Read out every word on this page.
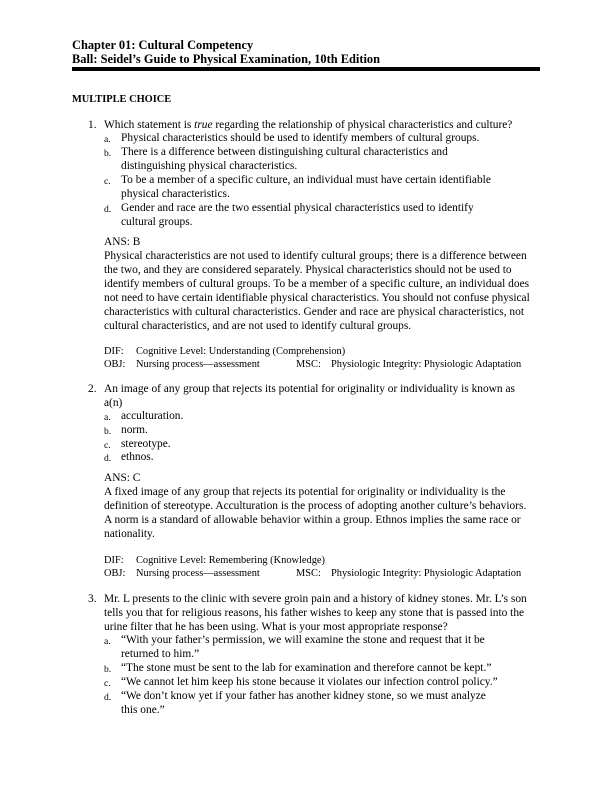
Chapter 01: Cultural Competency
Ball: Seidel’s Guide to Physical Examination, 10th Edition
MULTIPLE CHOICE
1. Which statement is true regarding the relationship of physical characteristics and culture?
a. Physical characteristics should be used to identify members of cultural groups.
b. There is a difference between distinguishing cultural characteristics and
distinguishing physical characteristics.
c. To be a member of a specific culture, an individual must have certain identifiable
physical characteristics.
d. Gender and race are the two essential physical characteristics used to identify
cultural groups.
ANS: B
Physical characteristics are not used to identify cultural groups; there is a difference between
the two, and they are considered separately. Physical characteristics should not be used to
identify members of cultural groups. To be a member of a specific culture, an individual does
not need to have certain identifiable physical characteristics. You should not confuse physical
characteristics with cultural characteristics. Gender and race are physical characteristics, not
cultural characteristics, and are not used to identify cultural groups.
DIF: Cognitive Level: Understanding (Comprehension)
OBJ: Nursing process—assessment	MSC: Physiologic Integrity: Physiologic Adaptation
2. An image of any group that rejects its potential for originality or individuality is known as
a(n)
a. acculturation.
b. norm.
c. stereotype.
d. ethnos.
ANS: C
A fixed image of any group that rejects its potential for originality or individuality is the
definition of stereotype. Acculturation is the process of adopting another culture’s behaviors.
A norm is a standard of allowable behavior within a group. Ethnos implies the same race or
nationality.
DIF: Cognitive Level: Remembering (Knowledge)
OBJ: Nursing process—assessment	MSC: Physiologic Integrity: Physiologic Adaptation
3. Mr. L presents to the clinic with severe groin pain and a history of kidney stones. Mr. L’s son
tells you that for religious reasons, his father wishes to keep any stone that is passed into the
urine filter that he has been using. What is your most appropriate response?
a. “With your father’s permission, we will examine the stone and request that it be
returned to him.”
b. “The stone must be sent to the lab for examination and therefore cannot be kept.”
c. “We cannot let him keep his stone because it violates our infection control policy.”
d. “We don’t know yet if your father has another kidney stone, so we must analyze
this one.”
